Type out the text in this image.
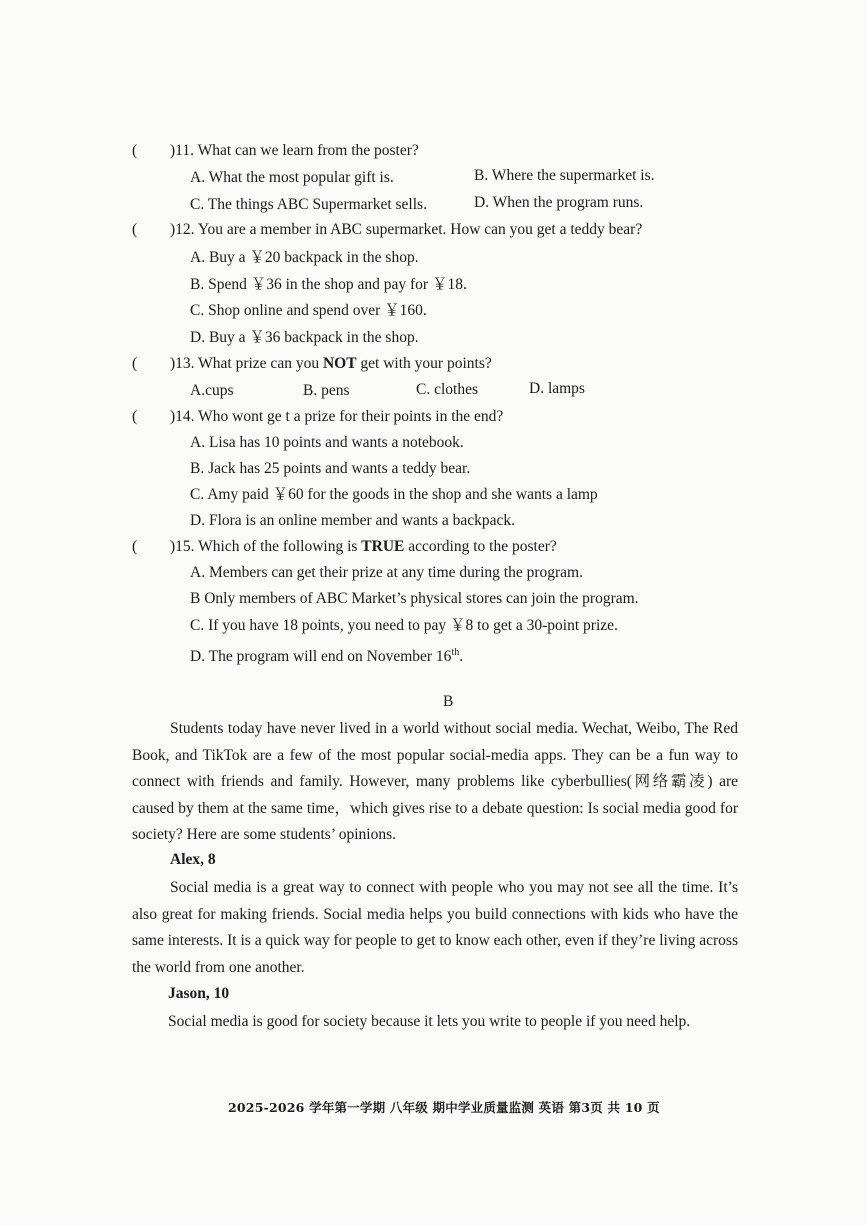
( )11. What can we learn from the poster?
A. What the most popular gift is.	B. Where the supermarket is.
C. The things ABC Supermarket sells.	D. When the program runs.
( )12. You are a member in ABC supermarket. How can you get a teddy bear?
A. Buy a ￥20 backpack in the shop.
B. Spend ￥36 in the shop and pay for ￥18.
C. Shop online and spend over ￥160.
D. Buy a ￥36 backpack in the shop.
( )13. What prize can you NOT get with your points?
A.cups	B. pens	C. clothes	D. lamps
( )14. Who wont ge t a prize for their points in the end?
A. Lisa has 10 points and wants a notebook.
B. Jack has 25 points and wants a teddy bear.
C. Amy paid ￥60 for the goods in the shop and she wants a lamp
D. Flora is an online member and wants a backpack.
( )15. Which of the following is TRUE according to the poster?
A. Members can get their prize at any time during the program.
B Only members of ABC Market’s physical stores can join the program.
C. If you have 18 points, you need to pay ￥8 to get a 30-point prize.
D. The program will end on November 16th.
B
Students today have never lived in a world without social media. Wechat, Weibo, The Red Book, and TikTok are a few of the most popular social-media apps. They can be a fun way to connect with friends and family. However, many problems like cyberbullies(网络霸凌) are caused by them at the same time，which gives rise to a debate question: Is social media good for society? Here are some students’ opinions.
Alex, 8
Social media is a great way to connect with people who you may not see all the time. It’s also great for making friends. Social media helps you build connections with kids who have the same interests. It is a quick way for people to get to know each other, even if they’re living across the world from one another.
Jason, 10
Social media is good for society because it lets you write to people if you need help.
2025-2026 学年第一学期 八年级 期中学业质量监测 英语 第3页 共 10 页
